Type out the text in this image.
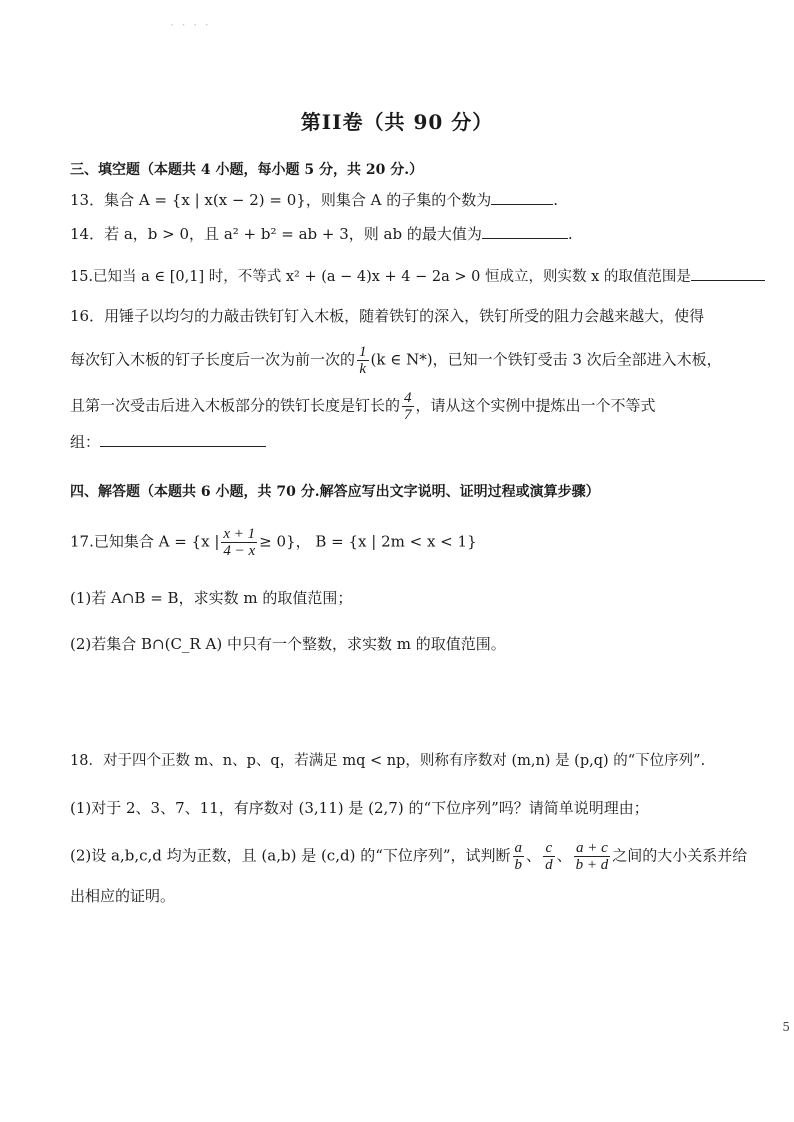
· · · ·
第II卷（共 90 分）
三、填空题（本题共 4 小题，每小题 5 分，共 20 分.）
13．集合 A = {x | x(x − 2) = 0}，则集合 A 的子集的个数为	.
14．若 a，b > 0，且 a² + b² = ab + 3，则 ab 的最大值为	.
15.已知当 a ∈ [0,1] 时，不等式 x² + (a − 4)x + 4 − 2a > 0 恒成立，则实数 x 的取值范围是
16．用锤子以均匀的力敲击铁钉钉入木板，随着铁钉的深入，铁钉所受的阻力会越来越大，使得
每次钉入木板的钉子长度后一次为前一次的 $\frac{1}{k} (k$ ∈ N*)，已知一个铁钉受击 3 次后全部进入木板，
且第一次受击后进入木板部分的铁钉长度是钉长的 $\frac{4}{7}$ ，请从这个实例中提炼出一个不等式
组：
四、解答题（本题共 6 小题，共 70 分.解答应写出文字说明、证明过程或演算步骤）
17.已知集合 A = {x | $\frac{x + 1}{4 - x} \ge 0$}， B = {x | 2m < x < 1}
(1)若 A∩B = B，求实数 m 的取值范围；
(2)若集合 B∩(C_R A) 中只有一个整数，求实数 m 的取值范围。
18．对于四个正数 m、n、p、q，若满足 mq < np，则称有序数对 (m,n) 是 (p,q) 的“下位序列”.
(1)对于 2、3、7、11，有序数对 (3,11) 是 (2,7) 的“下位序列”吗？请简单说明理由；
(2)设 a,b,c,d 均为正数，且 (a,b) 是 (c,d) 的“下位序列”，试判断 $\frac{a}{b}$ 、 $\frac{c}{d}$ 、 $\frac{a + c}{b + d}$ 之间的大小关系并给
出相应的证明。
5
